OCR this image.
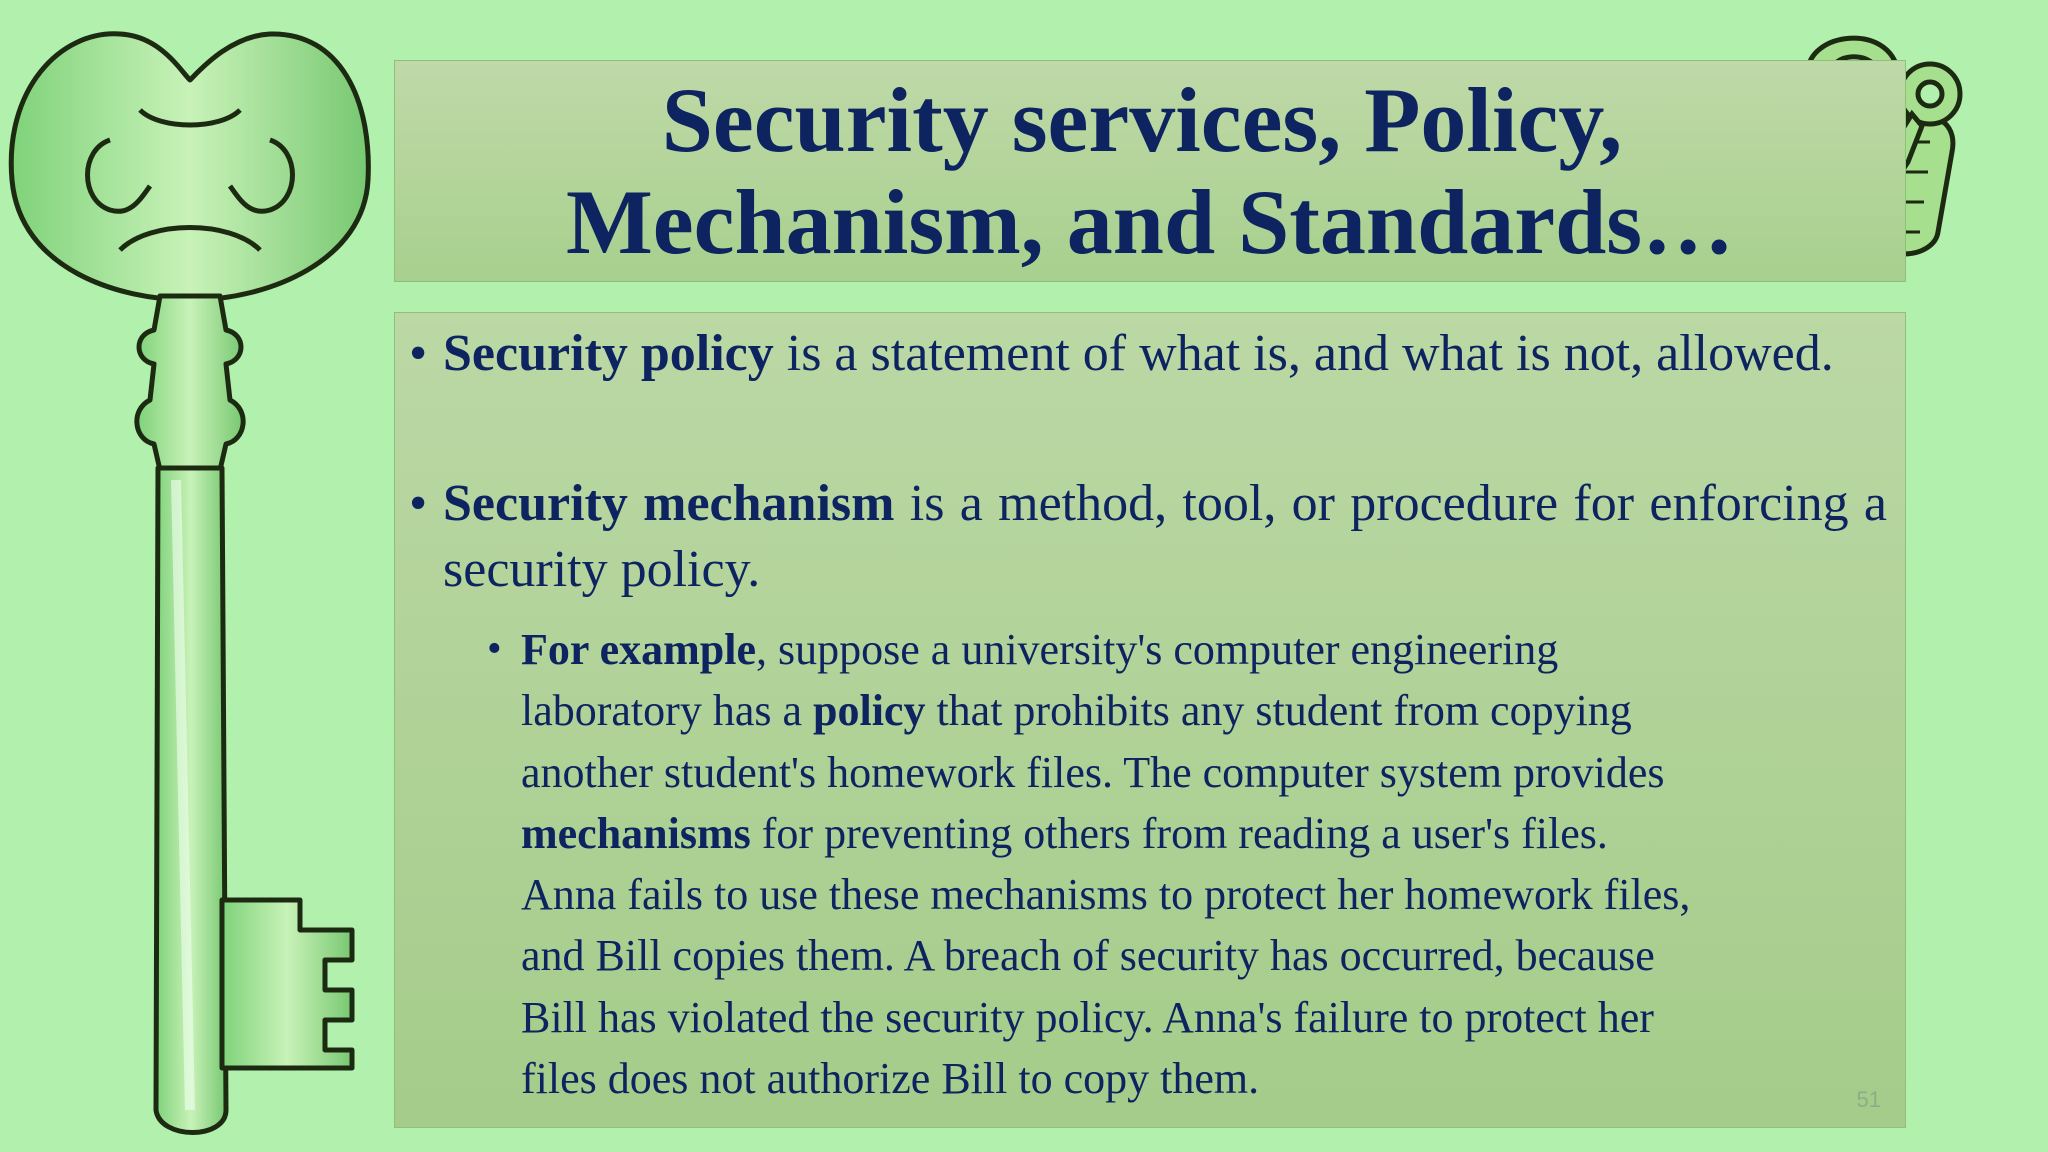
Security services, Policy,
Mechanism, and Standards…
• Security policy is a statement of what is, and what is not, allowed.
• Security mechanism is a method, tool, or procedure for enforcing a security policy.
• For example, suppose a university's computer engineering
laboratory has a policy that prohibits any student from copying
another student's homework files. The computer system provides
mechanisms for preventing others from reading a user's files.
Anna fails to use these mechanisms to protect her homework files,
and Bill copies them. A breach of security has occurred, because
Bill has violated the security policy. Anna's failure to protect her
files does not authorize Bill to copy them.	51
